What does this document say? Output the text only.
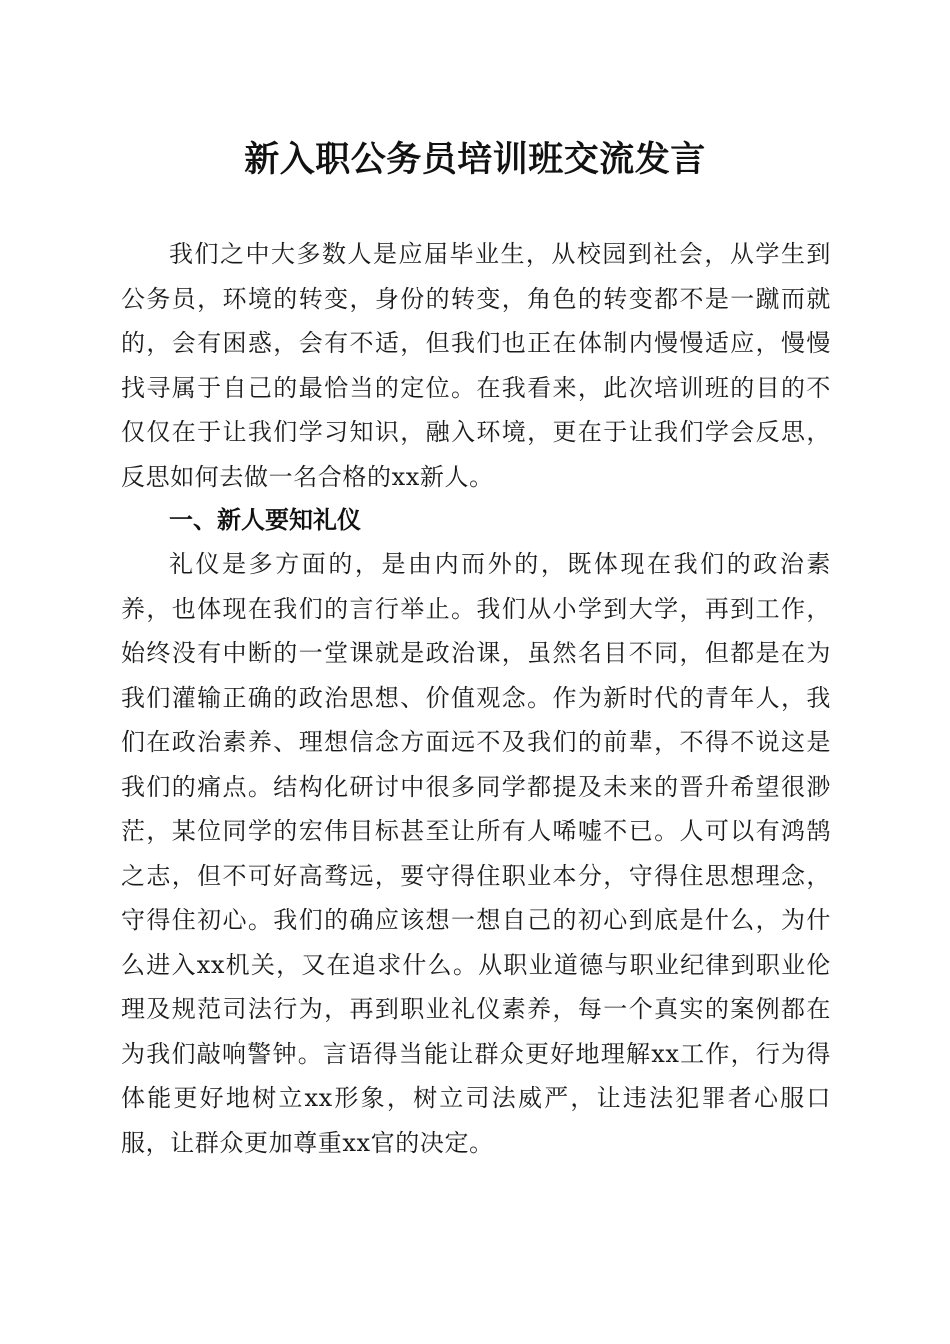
新入职公务员培训班交流发言

我们之中大多数人是应届毕业生，从校园到社会，从学生到公务员，环境的转变，身份的转变，角色的转变都不是一蹴而就的，会有困惑，会有不适，但我们也正在体制内慢慢适应，慢慢找寻属于自己的最恰当的定位。在我看来，此次培训班的目的不仅仅在于让我们学习知识，融入环境，更在于让我们学会反思，反思如何去做一名合格的xx新人。

一、新人要知礼仪

礼仪是多方面的，是由内而外的，既体现在我们的政治素养，也体现在我们的言行举止。我们从小学到大学，再到工作，始终没有中断的一堂课就是政治课，虽然名目不同，但都是在为我们灌输正确的政治思想、价值观念。作为新时代的青年人，我们在政治素养、理想信念方面远不及我们的前辈，不得不说这是我们的痛点。结构化研讨中很多同学都提及未来的晋升希望很渺茫，某位同学的宏伟目标甚至让所有人唏嘘不已。人可以有鸿鹄之志，但不可好高骛远，要守得住职业本分，守得住思想理念，守得住初心。我们的确应该想一想自己的初心到底是什么，为什么进入xx机关，又在追求什么。从职业道德与职业纪律到职业伦理及规范司法行为，再到职业礼仪素养，每一个真实的案例都在为我们敲响警钟。言语得当能让群众更好地理解xx工作，行为得体能更好地树立xx形象，树立司法威严，让违法犯罪者心服口服，让群众更加尊重xx官的决定。
